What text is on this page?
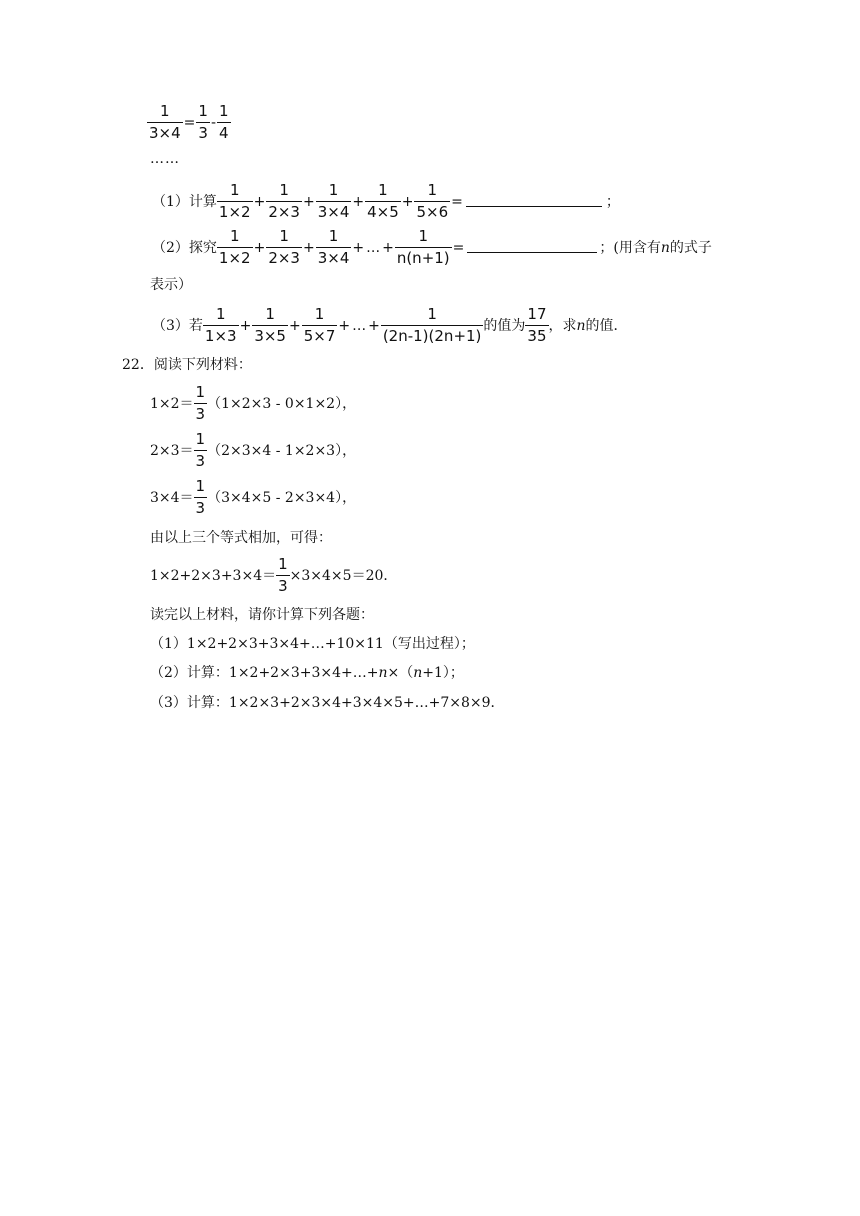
$\frac{1}{3\times 4} = \frac{1}{3} - \frac{1}{4}$
……
（1）计算 $\frac{1}{1\times 2} + \frac{1}{2\times 3} + \frac{1}{3\times 4} + \frac{1}{4\times 5} + \frac{1}{5\times 6}$ =	；
（2）探究 $\frac{1}{1\times 2} + \frac{1}{2\times 3} + \frac{1}{3\times 4}$ + … + $\frac{1}{n(n+1)}$ =	；(用含有 n 的式子
表示）
（3）若 $\frac{1}{1\times 3} + \frac{1}{3\times 5} + \frac{1}{5\times 7}$ + … + $\frac{1}{(2n-1)(2n+1)}$ 的值为 $\frac{17}{35}$ ，求 n 的值．
22．阅读下列材料：
$1\times 2= \frac{1}{3} (1\times 2\times 3 - 0\times 1\times 2)$，
$2\times 3= \frac{1}{3} (2\times 3\times 4 - 1\times 2\times 3)$，
$3\times 4= \frac{1}{3} (3\times 4\times 5 - 2\times 3\times 4)$，
由以上三个等式相加，可得：
$1\times 2+2\times 3+3\times 4= \frac{1}{3} \times 3\times 4\times 5=20$．
读完以上材料，请你计算下列各题：
（1）1×2+2×3+3×4+…+10×11（写出过程）；
（2）计算：1×2+2×3+3×4+…+ n ×（ n +1）；
（3）计算：1×2×3+2×3×4+3×4×5+…+7×8×9．
